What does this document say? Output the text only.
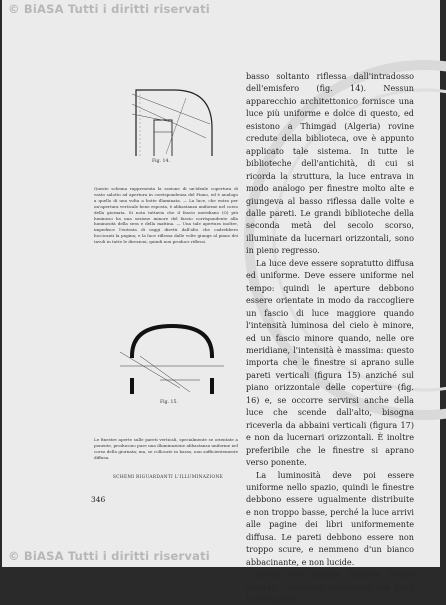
© BiASA Tutti i diritti riservati
Fig. 14.
Questo schema rappresenta la sezione di un'ideale copertura di vasto salotto ad apertura in corrispondenza del Piano, ed è analogo a quello di una volta a botte illuminata. — La luce, che entra per un'apertura verticale bene esposta, è abbastanza uniforme nel corso della giornata. Si nota tuttavia che il fascio meridiano (O) più luminoso ha una sezione minore del fascio corrispondente alla luminosità della sera e della mattina. — Una tale apertura inoltre, impedisce l'entrata di raggi diretti dall'alto che cadrebbero luccicanti la pagina; e la luce riflessa dalle volte giunge al piano dei tavoli in tutte le direzioni, quindi non produce riflessi.
Fig. 15.
Le finestre aperte sulle pareti verticali, specialmente se orientate a ponente, producono pure una illuminazione abbastanza uniforme nel corso della giornata; ma, se collocate in basso, non sufficientemente diffusa.
SCHEMI RIGUARDANTI L'ILLUMINAZIONE
346

basso soltanto riflessa dall'intradosso dell'emisfero (fig. 14). Nessun apparecchio architettonico fornisce una luce più uniforme e dolce di questo, ed esistono a Thimgad (Algeria) rovine credute della biblioteca, ove è appunto applicato tale sistema. In tutte le biblioteche dell'antichità, di cui si ricorda la struttura, la luce entrava in modo analogo per finestre molto alte e giungeva al basso riflessa dalle volte e dalle pareti. Le grandi biblioteche della seconda metà del secolo scorso, illuminate da lucernari orizzontali, sono in pieno regresso.

La luce deve essere sopratutto diffusa ed uniforme. Deve essere uniforme nel tempo: quindi le aperture debbono essere orientate in modo da raccogliere un fascio di luce maggiore quando l'intensità luminosa del cielo è minore, ed un fascio minore quando, nelle ore meridiane, l'intensità è massima: questo importa che le finestre si aprano sulle pareti verticali (figura 15) anziché sul piano orizzontale delle coperture (fig. 16) e, se occorre servirsi anche della luce che scende dall'alto, bisogna riceverla da abbaini verticali (figura 17) e non da lucernari orizzontali. È inoltre preferibile che le finestre si aprano verso ponente.

La luminosità deve poi essere uniforme nello spazio, quindi le finestre debbono essere ugualmente distribuite e non troppo basse, perché la luce arrivi alle pagine dei libri uniformemente diffusa. Le pareti debbono essere non troppo scure, e nemmeno d'un bianco abbacinante, e non lucide.

Anche per questa ragione vanno scartati i lucernari orizzontali dai quali la luce piove

© BiASA Tutti i diritti riservati
